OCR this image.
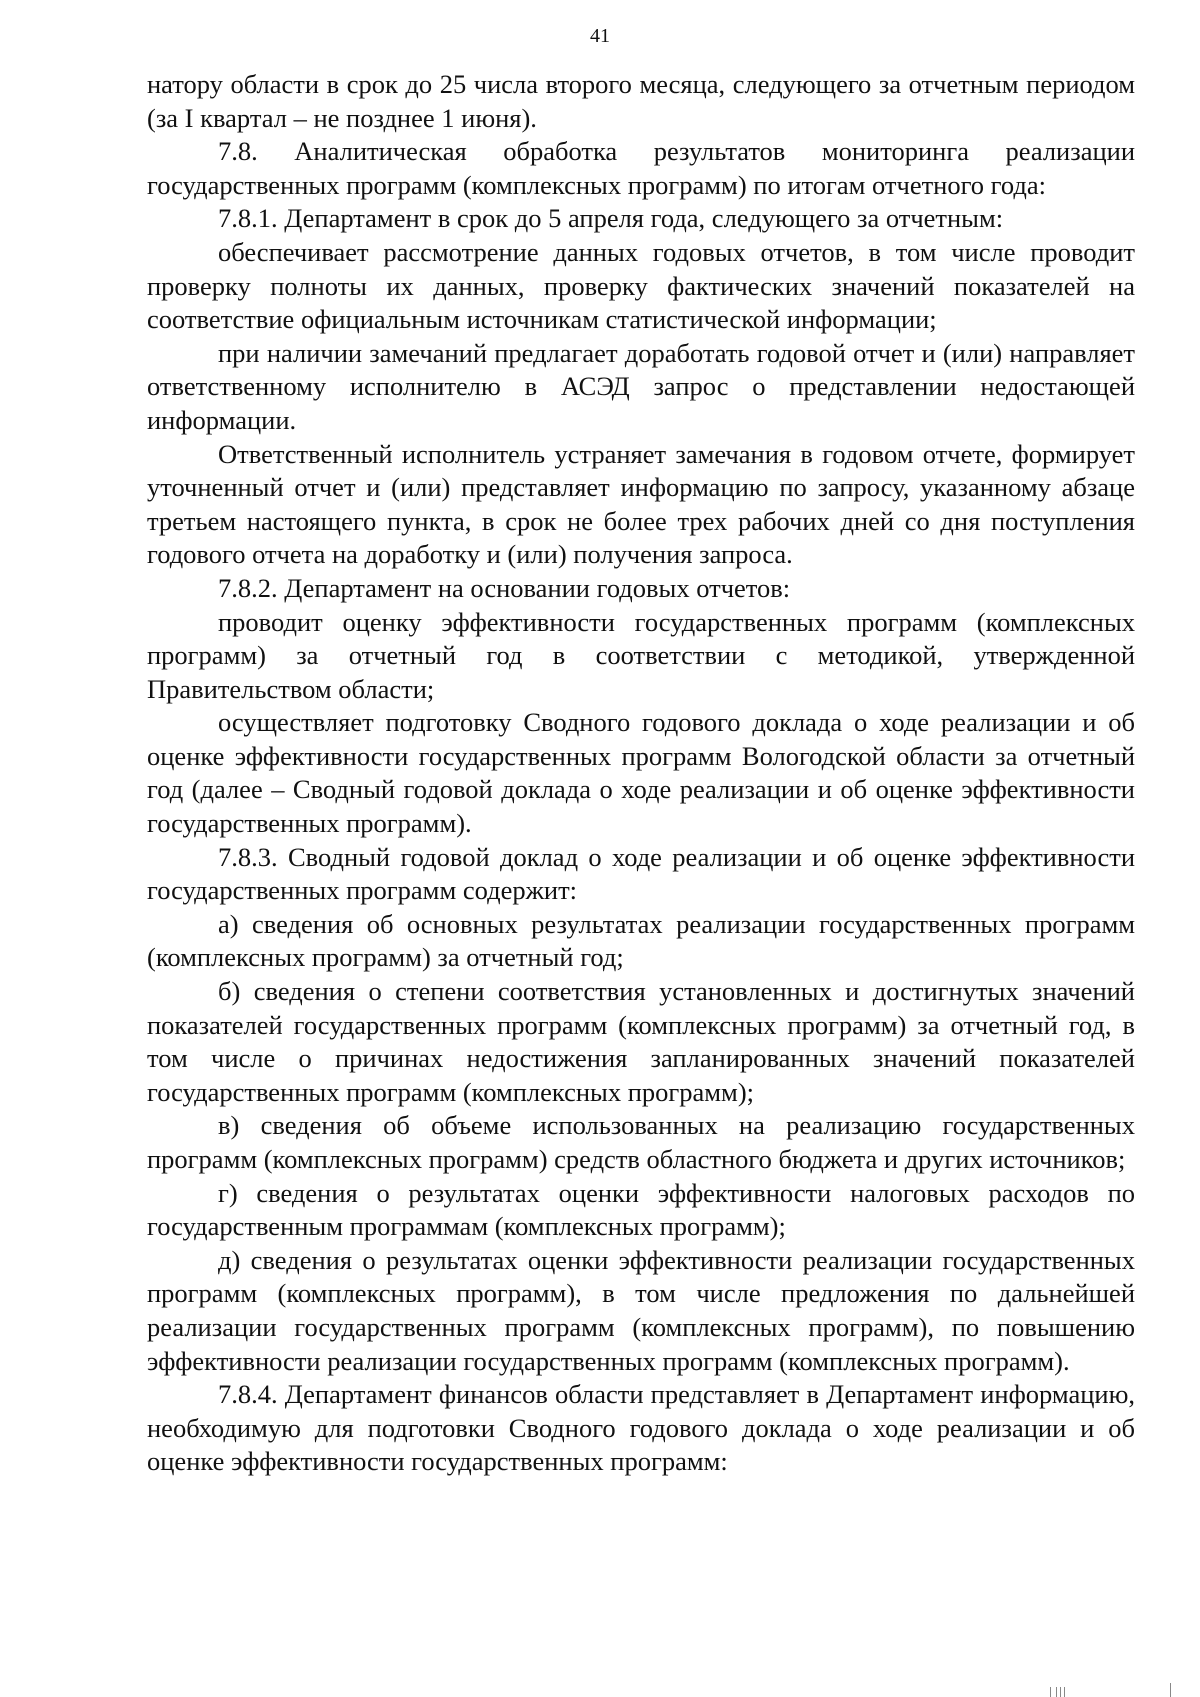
41

натору области в срок до 25 числа второго месяца, следующего за отчетным периодом (за I квартал – не позднее 1 июня).

7.8. Аналитическая обработка результатов мониторинга реализации государственных программ (комплексных программ) по итогам отчетного года:

7.8.1. Департамент в срок до 5 апреля года, следующего за отчетным:

обеспечивает рассмотрение данных годовых отчетов, в том числе проводит проверку полноты их данных, проверку фактических значений показателей на соответствие официальным источникам статистической информации;

при наличии замечаний предлагает доработать годовой отчет и (или) направляет ответственному исполнителю в АСЭД запрос о представлении недостающей информации.

Ответственный исполнитель устраняет замечания в годовом отчете, формирует уточненный отчет и (или) представляет информацию по запросу, указанному абзаце третьем настоящего пункта, в срок не более трех рабочих дней со дня поступления годового отчета на доработку и (или) получения запроса.

7.8.2. Департамент на основании годовых отчетов:

проводит оценку эффективности государственных программ (комплексных программ) за отчетный год в соответствии с методикой, утвержденной Правительством области;

осуществляет подготовку Сводного годового доклада о ходе реализации и об оценке эффективности государственных программ Вологодской области за отчетный год (далее – Сводный годовой доклада о ходе реализации и об оценке эффективности государственных программ).

7.8.3. Сводный годовой доклад о ходе реализации и об оценке эффективности государственных программ содержит:

а) сведения об основных результатах реализации государственных программ (комплексных программ) за отчетный год;

б) сведения о степени соответствия установленных и достигнутых значений показателей государственных программ (комплексных программ) за отчетный год, в том числе о причинах недостижения запланированных значений показателей государственных программ (комплексных программ);

в) сведения об объеме использованных на реализацию государственных программ (комплексных программ) средств областного бюджета и других источников;

г) сведения о результатах оценки эффективности налоговых расходов по государственным программам (комплексных программ);

д) сведения о результатах оценки эффективности реализации государственных программ (комплексных программ), в том числе предложения по дальнейшей реализации государственных программ (комплексных программ), по повышению эффективности реализации государственных программ (комплексных программ).

7.8.4. Департамент финансов области представляет в Департамент информацию, необходимую для подготовки Сводного годового доклада о ходе реализации и об оценке эффективности государственных программ:
